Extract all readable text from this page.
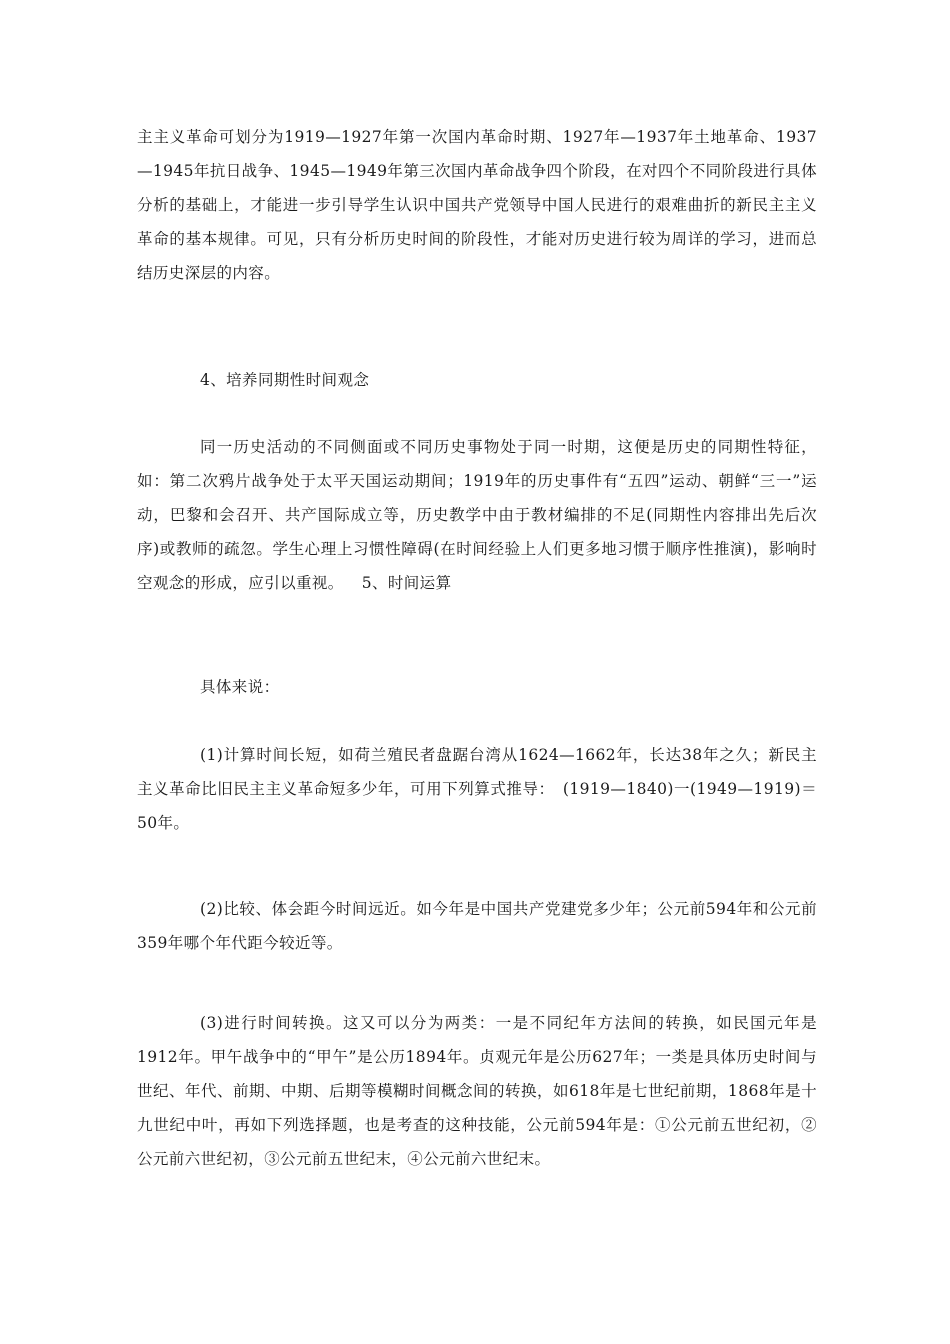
主主义革命可划分为1919—1927年第一次国内革命时期、1927年—1937年土地革命、1937—1945年抗日战争、1945—1949年第三次国内革命战争四个阶段，在对四个不同阶段进行具体分析的基础上，才能进一步引导学生认识中国共产党领导中国人民进行的艰难曲折的新民主主义革命的基本规律。可见，只有分析历史时间的阶段性，才能对历史进行较为周详的学习，进而总结历史深层的内容。

4、培养同期性时间观念

同一历史活动的不同侧面或不同历史事物处于同一时期，这便是历史的同期性特征，如：第二次鸦片战争处于太平天国运动期间；1919年的历史事件有“五四”运动、朝鲜“三一”运动，巴黎和会召开、共产国际成立等，历史教学中由于教材编排的不足(同期性内容排出先后次序)或教师的疏忽。学生心理上习惯性障碍(在时间经验上人们更多地习惯于顺序性推演)，影响时空观念的形成，应引以重视。 5、时间运算

具体来说：

(1)计算时间长短，如荷兰殖民者盘踞台湾从1624—1662年，长达38年之久；新民主主义革命比旧民主主义革命短多少年，可用下列算式推导：　(1919—1840)一(1949—1919)＝50年。

(2)比较、体会距今时间远近。如今年是中国共产党建党多少年；公元前594年和公元前359年哪个年代距今较近等。

(3)进行时间转换。这又可以分为两类：一是不同纪年方法间的转换，如民国元年是1912年。甲午战争中的“甲午”是公历1894年。贞观元年是公历627年；一类是具体历史时间与世纪、年代、前期、中期、后期等模糊时间概念间的转换，如618年是七世纪前期，1868年是十九世纪中叶，再如下列选择题，也是考查的这种技能，公元前594年是：①公元前五世纪初，②公元前六世纪初，③公元前五世纪末，④公元前六世纪末。
